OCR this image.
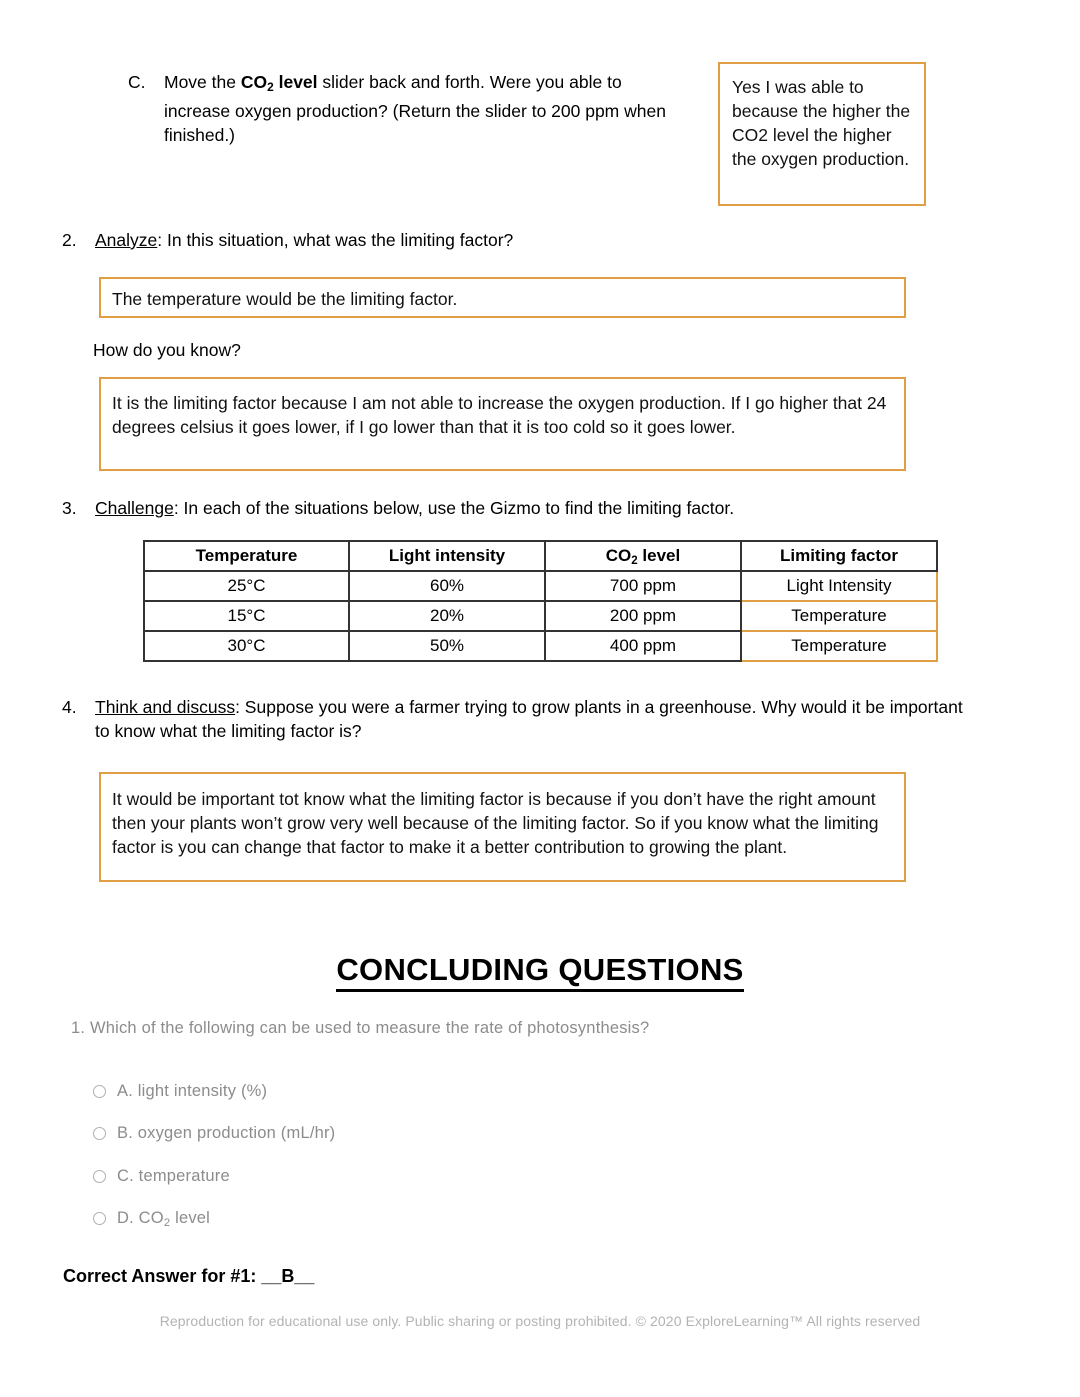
C.	Move the $CO_2$ level slider back and forth. Were you able to increase oxygen production? (Return the slider to 200 ppm when finished.)
Yes I was able to because the higher the CO2 level the higher the oxygen production.
2.	Analyze: In this situation, what was the limiting factor?
The temperature would be the limiting factor.
How do you know?
It is the limiting factor because I am not able to increase the oxygen production. If I go higher that 24 degrees celsius it goes lower, if I go lower than that it is too cold so it goes lower.
3.	Challenge: In each of the situations below, use the Gizmo to find the limiting factor.
Temperature	Light intensity	$CO_2$ level	Limiting factor
25°C	60%	700 ppm	Light Intensity
15°C	20%	200 ppm	Temperature
30°C	50%	400 ppm	Temperature
4.	Think and discuss: Suppose you were a farmer trying to grow plants in a greenhouse. Why would it be important to know what the limiting factor is?
It would be important tot know what the limiting factor is because if you don’t have the right amount then your plants won’t grow very well because of the limiting factor. So if you know what the limiting factor is you can change that factor to make it a better contribution to growing the plant.
CONCLUDING QUESTIONS
1. Which of the following can be used to measure the rate of photosynthesis?
A. light intensity (%)
B. oxygen production (mL/hr)
C. temperature
D. $CO_2$ level
Correct Answer for #1: __B__
Reproduction for educational use only. Public sharing or posting prohibited. © 2020 ExploreLearning™ All rights reserved
